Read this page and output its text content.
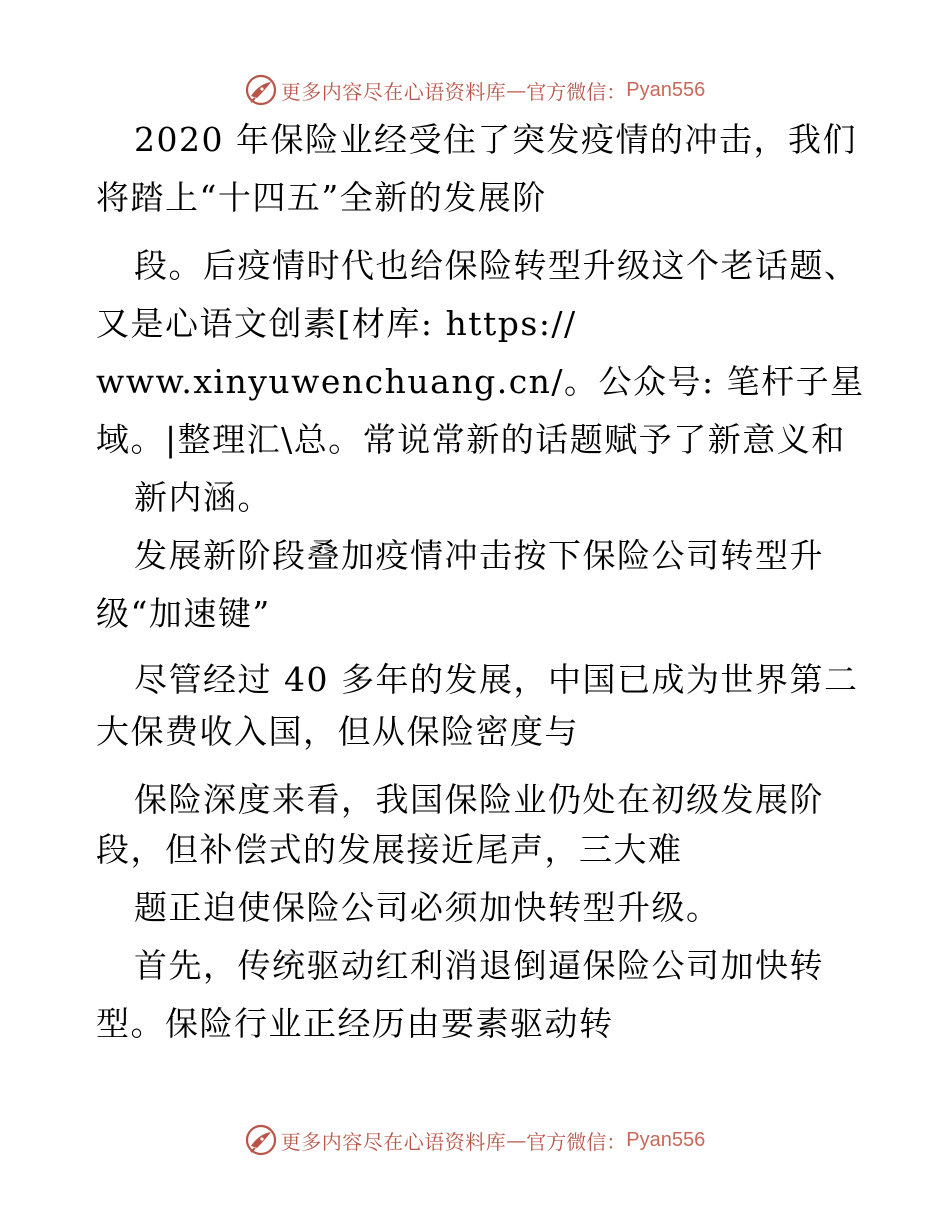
更多内容尽在心语资料库 — 官方微信： Pyan556
2020 年保险业经受住了突发疫情的冲击，我们
将踏上“十四五”全新的发展阶
段。后疫情时代也给保险转型升级这个老话题、
又是心语文创素[材库: https://
www.xinyuwenchuang.cn/。公众号: 笔杆子星
域。|整理汇\总。常说常新的话题赋予了新意义和
新内涵。
发展新阶段叠加疫情冲击按下保险公司转型升
级“加速键”
尽管经过 40 多年的发展，中国已成为世界第二
大保费收入国，但从保险密度与
保险深度来看，我国保险业仍处在初级发展阶
段，但补偿式的发展接近尾声，三大难
题正迫使保险公司必须加快转型升级。
首先，传统驱动红利消退倒逼保险公司加快转
型。保险行业正经历由要素驱动转
更多内容尽在心语资料库 — 官方微信： Pyan556
